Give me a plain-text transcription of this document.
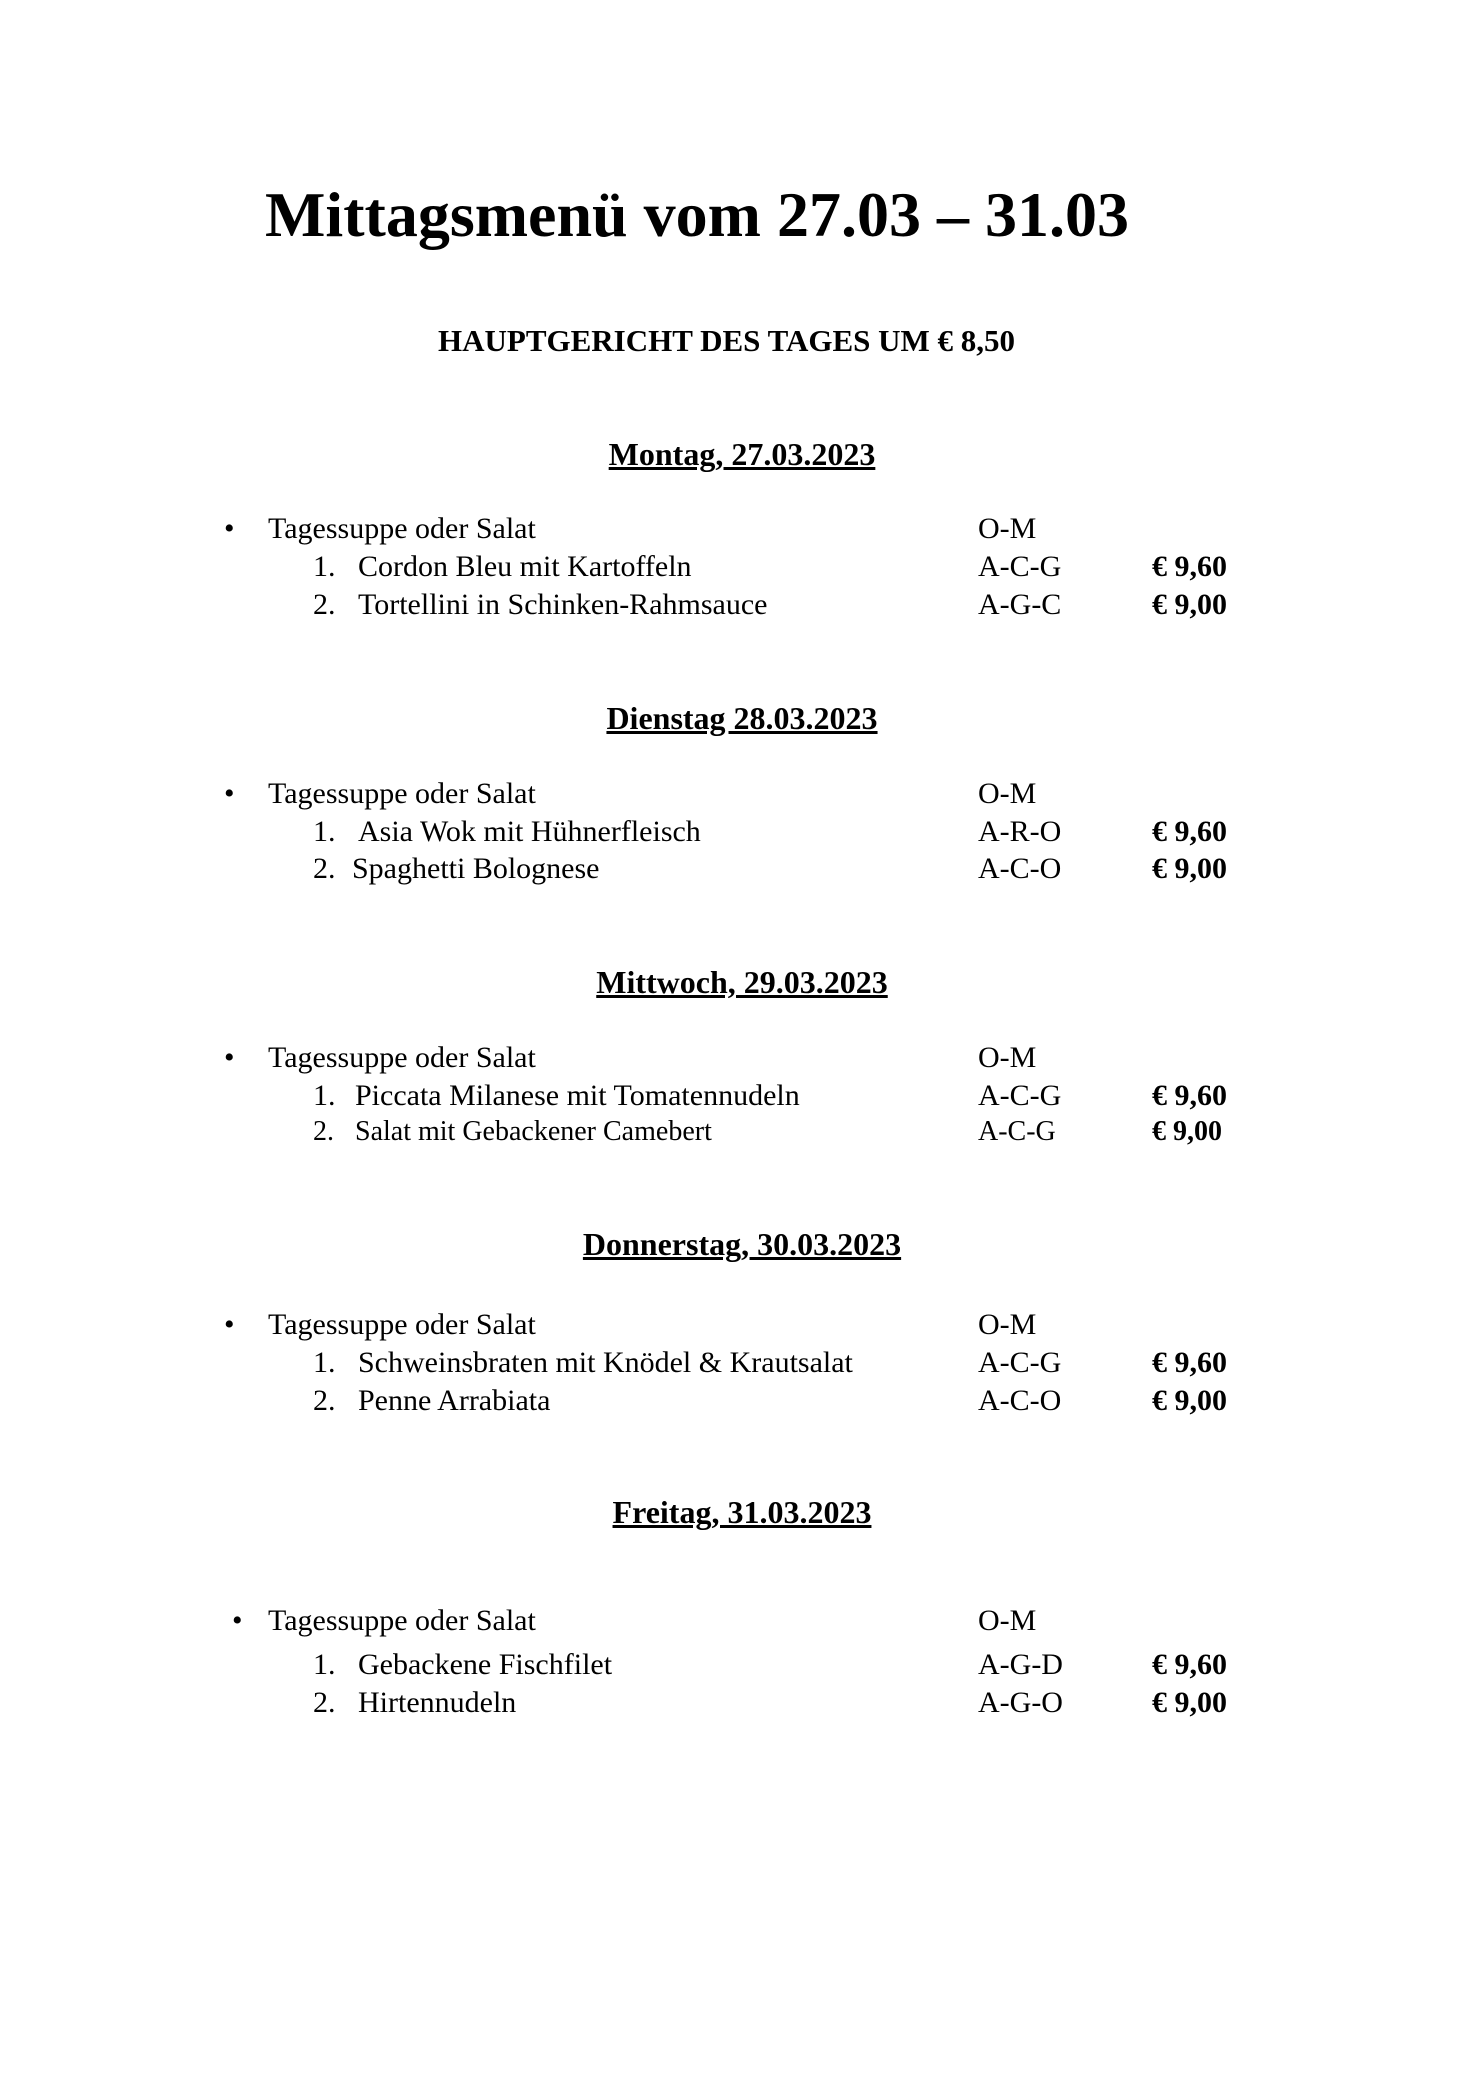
Mittagsmenü vom 27.03 – 31.03
HAUPTGERICHT DES TAGES UM € 8,50
Montag, 27.03.2023
• Tagessuppe oder Salat	O-M
1. Cordon Bleu mit Kartoffeln	A-C-G	€ 9,60
2. Tortellini in Schinken-Rahmsauce	A-G-C	€ 9,00
Dienstag 28.03.2023
• Tagessuppe oder Salat	O-M
1. Asia Wok mit Hühnerfleisch	A-R-O	€ 9,60
2. Spaghetti Bolognese	A-C-O	€ 9,00
Mittwoch, 29.03.2023
• Tagessuppe oder Salat	O-M
1. Piccata Milanese mit Tomatennudeln	A-C-G	€ 9,60
2. Salat mit Gebackener Camebert	A-C-G	€ 9,00
Donnerstag, 30.03.2023
• Tagessuppe oder Salat	O-M
1. Schweinsbraten mit Knödel & Krautsalat	A-C-G	€ 9,60
2. Penne Arrabiata	A-C-O	€ 9,00
Freitag, 31.03.2023
• Tagessuppe oder Salat	O-M
1. Gebackene Fischfilet	A-G-D	€ 9,60
2. Hirtennudeln	A-G-O	€ 9,00
